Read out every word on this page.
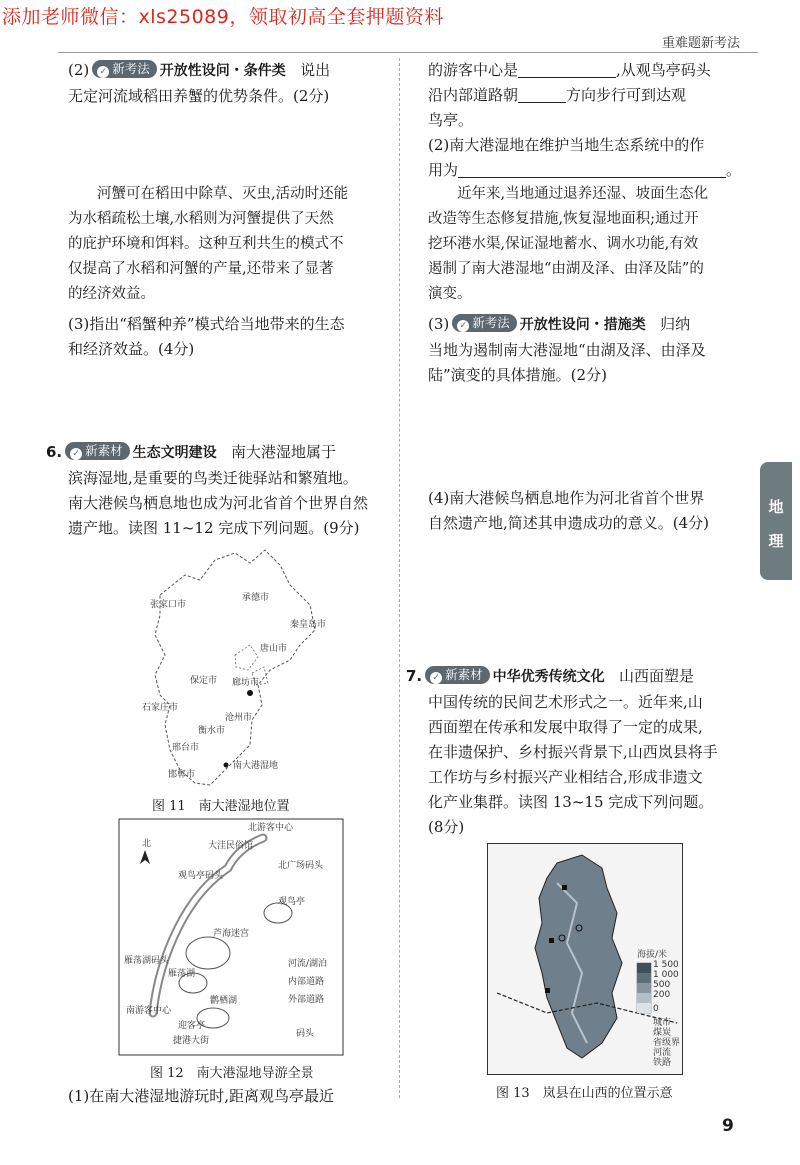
添加老师微信：xls25089，领取初高全套押题资料
重难题新考法

(2) ✓ 新考法 开放性设问・条件类 说出

无定河流域稻田养蟹的优势条件。(2分)

河蟹可在稻田中除草、灭虫,活动时还能

为水稻疏松土壤,水稻则为河蟹提供了天然

的庇护环境和饵料。这种互利共生的模式不

仅提高了水稻和河蟹的产量,还带来了显著

的经济效益。

(3)指出“稻蟹种养”模式给当地带来的生态

和经济效益。(4分)

6. ✓ 新素材 生态文明建设 南大港湿地属于

滨海湿地,是重要的鸟类迁徙驿站和繁殖地。

南大港候鸟栖息地也成为河北省首个世界自然

遗产地。读图 11~12 完成下列问题。(9分)

张家口市
承德市
秦皇岛市
唐山市
廊坊市
保定市
沧州市
石家庄市
衡水市
邢台市
邯郸市
南大港湿地
图 11　南大港湿地位置
北游客中心
大洼民俗馆
北广场码头
观鸟亭码头
观鸟亭
芦海迷宫
雁荡湖码头
雁荡湖
南游客中心
鹳栖湖
迎客亭
捷港大街
北
河流/湖泊
内部道路
外部道路
码头
图 12　南大港湿地导游全景

(1)在南大港湿地游玩时,距离观鸟亭最近

的游客中心是	,从观鸟亭码头

沿内部道路朝	方向步行可到达观

鸟亭。

(2)南大港湿地在维护当地生态系统中的作

用为	。

近年来,当地通过退养还湿、坡面生态化

改造等生态修复措施,恢复湿地面积;通过开

挖环港水渠,保证湿地蓄水、调水功能,有效

遏制了南大港湿地“由湖及泽、由泽及陆”的

演变。

(3) ✓ 新考法 开放性设问・措施类 归纳

当地为遏制南大港湿地“由湖及泽、由泽及

陆”演变的具体措施。(2分)

(4)南大港候鸟栖息地作为河北省首个世界

自然遗产地,简述其申遗成功的意义。(4分)

7. ✓ 新素材 中华优秀传统文化 山西面塑是

中国传统的民间艺术形式之一。近年来,山

西面塑在传承和发展中取得了一定的成果,

在非遗保护、乡村振兴背景下,山西岚县将手

工作坊与乡村振兴产业相结合,形成非遗文

化产业集群。读图 13~15 完成下列问题。

(8分)

海拔/米
1 500
1 000
500
200
0
城市
煤炭
省级界
河流
铁路
图 13　岚县在山西的位置示意
地
理
9
